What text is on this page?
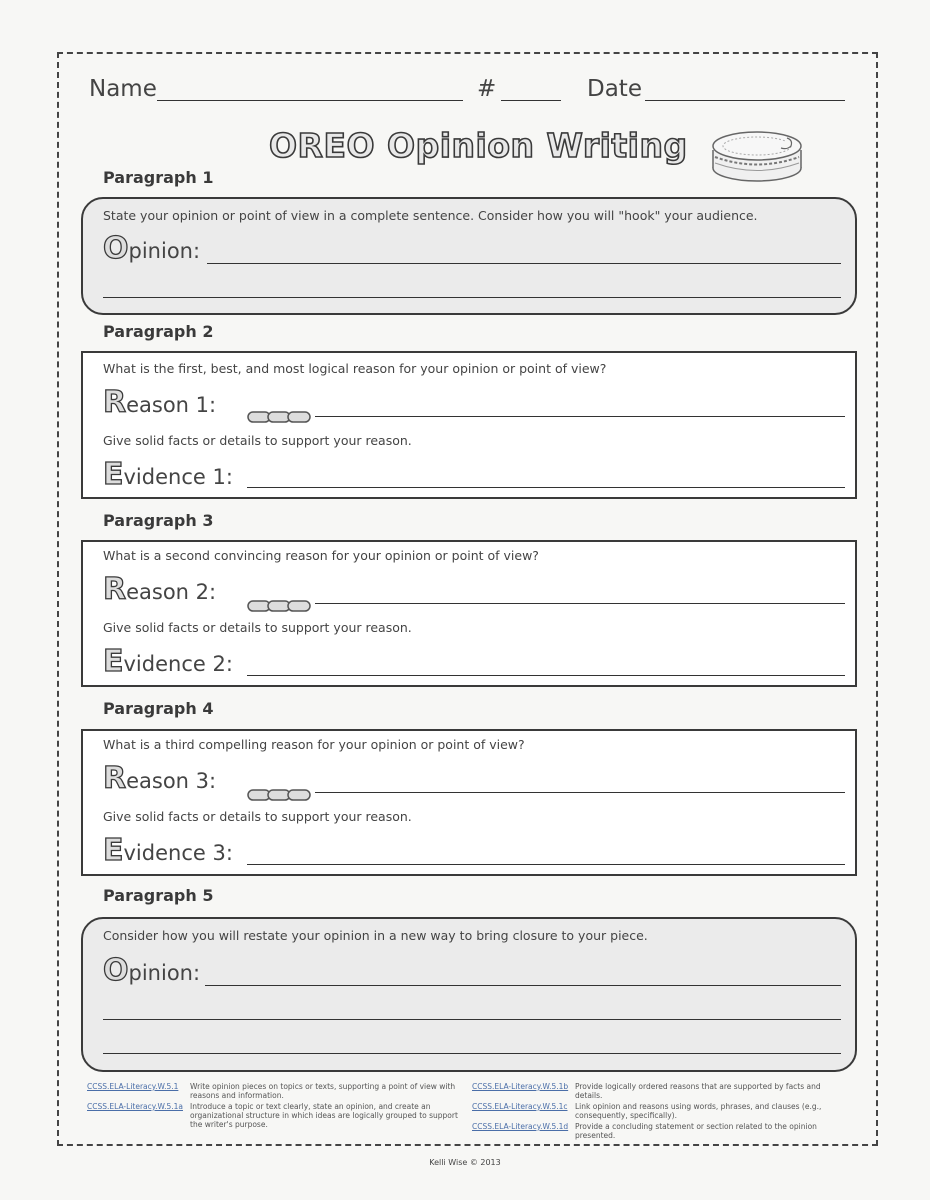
Name	#	Date
OREO Opinion Writing
Paragraph 1
State your opinion or point of view in a complete sentence. Consider how you will "hook" your audience.
Opinion:
Paragraph 2
What is the first, best, and most logical reason for your opinion or point of view?
Reason 1:
Give solid facts or details to support your reason.
Evidence 1:
Paragraph 3
What is a second convincing reason for your opinion or point of view?
Reason 2:
Give solid facts or details to support your reason.
Evidence 2:
Paragraph 4
What is a third compelling reason for your opinion or point of view?
Reason 3:
Give solid facts or details to support your reason.
Evidence 3:
Paragraph 5
Consider how you will restate your opinion in a new way to bring closure to your piece.
Opinion:
CCSS.ELA-Literacy.W.5.1 Write opinion pieces on topics or texts, supporting a point of view with reasons and information.
CCSS.ELA-Literacy.W.5.1a Introduce a topic or text clearly, state an opinion, and create an organizational structure in which ideas are logically grouped to support the writer's purpose.
CCSS.ELA-Literacy.W.5.1b Provide logically ordered reasons that are supported by facts and details.
CCSS.ELA-Literacy.W.5.1c Link opinion and reasons using words, phrases, and clauses (e.g., consequently, specifically).
CCSS.ELA-Literacy.W.5.1d Provide a concluding statement or section related to the opinion presented.
Kelli Wise © 2013
